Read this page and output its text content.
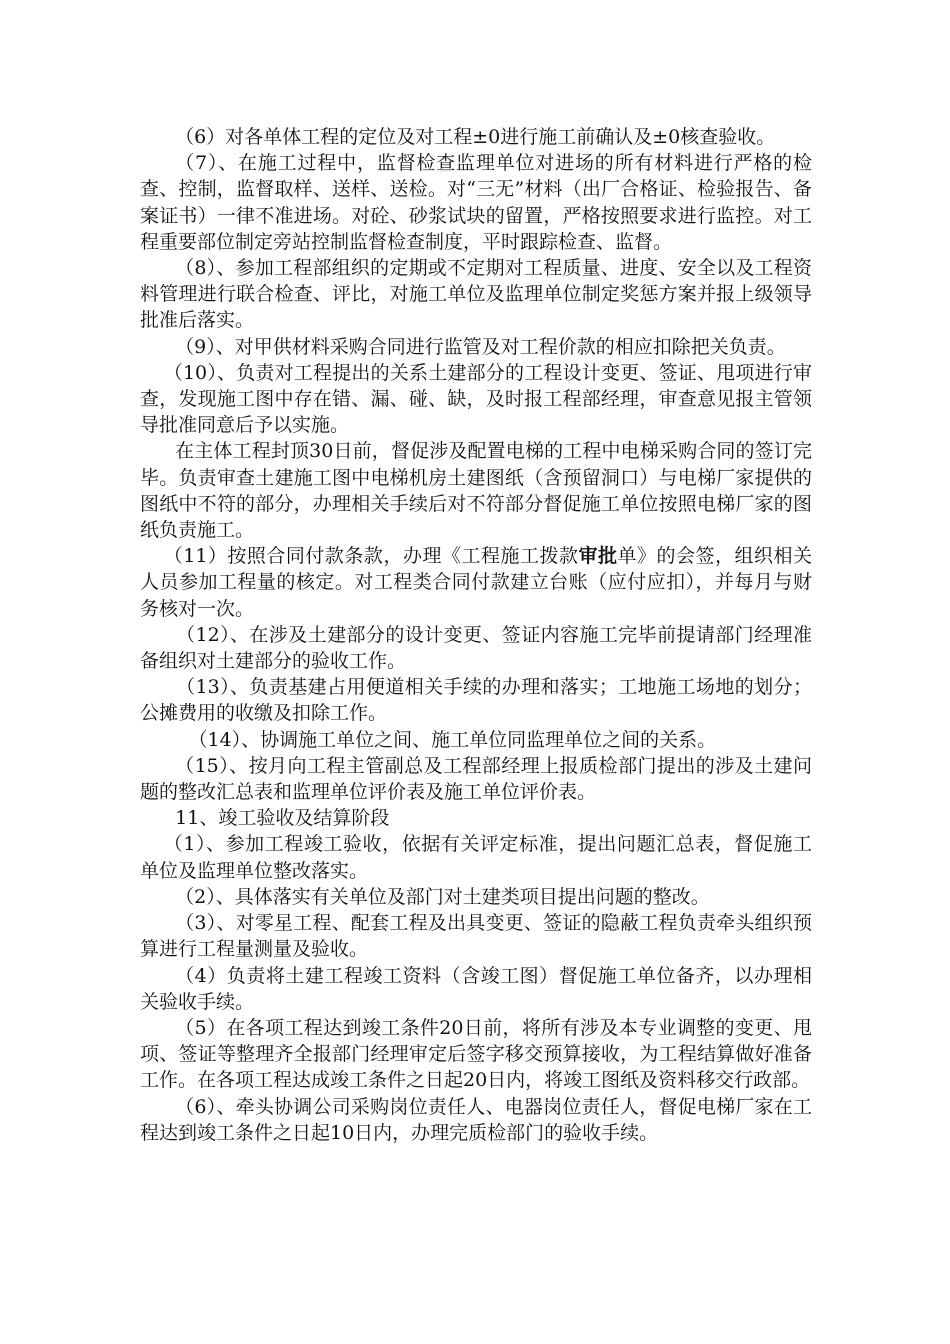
（6）对各单体工程的定位及对工程±0进行施工前确认及±0核查验收。

（7）、在施工过程中，监督检查监理单位对进场的所有材料进行严格的检查、控制，监督取样、送样、送检。对“三无”材料（出厂合格证、检验报告、备案证书）一律不准进场。对砼、砂浆试块的留置，严格按照要求进行监控。对工程重要部位制定旁站控制监督检查制度，平时跟踪检查、监督。

（8）、参加工程部组织的定期或不定期对工程质量、进度、安全以及工程资料管理进行联合检查、评比，对施工单位及监理单位制定奖惩方案并报上级领导批准后落实。

（9）、对甲供材料采购合同进行监管及对工程价款的相应扣除把关负责。

（10）、负责对工程提出的关系土建部分的工程设计变更、签证、甩项进行审查，发现施工图中存在错、漏、碰、缺，及时报工程部经理，审查意见报主管领导批准同意后予以实施。

在主体工程封顶30日前，督促涉及配置电梯的工程中电梯采购合同的签订完毕。负责审查土建施工图中电梯机房土建图纸（含预留洞口）与电梯厂家提供的图纸中不符的部分，办理相关手续后对不符部分督促施工单位按照电梯厂家的图纸负责施工。

（11）按照合同付款条款，办理《工程施工拨款审批单》的会签，组织相关人员参加工程量的核定。对工程类合同付款建立台账（应付应扣），并每月与财务核对一次。

（12）、在涉及土建部分的设计变更、签证内容施工完毕前提请部门经理准备组织对土建部分的验收工作。

（13）、负责基建占用便道相关手续的办理和落实；工地施工场地的划分；公摊费用的收缴及扣除工作。

（14）、协调施工单位之间、施工单位同监理单位之间的关系。

（15）、按月向工程主管副总及工程部经理上报质检部门提出的涉及土建问题的整改汇总表和监理单位评价表及施工单位评价表。

11、竣工验收及结算阶段

（1）、参加工程竣工验收，依据有关评定标准，提出问题汇总表，督促施工单位及监理单位整改落实。

（2）、具体落实有关单位及部门对土建类项目提出问题的整改。

（3）、对零星工程、配套工程及出具变更、签证的隐蔽工程负责牵头组织预算进行工程量测量及验收。

（4）负责将土建工程竣工资料（含竣工图）督促施工单位备齐，以办理相关验收手续。

（5）在各项工程达到竣工条件20日前，将所有涉及本专业调整的变更、甩项、签证等整理齐全报部门经理审定后签字移交预算接收，为工程结算做好准备工作。在各项工程达成竣工条件之日起20日内，将竣工图纸及资料移交行政部。

（6）、牵头协调公司采购岗位责任人、电器岗位责任人，督促电梯厂家在工程达到竣工条件之日起10日内，办理完质检部门的验收手续。
